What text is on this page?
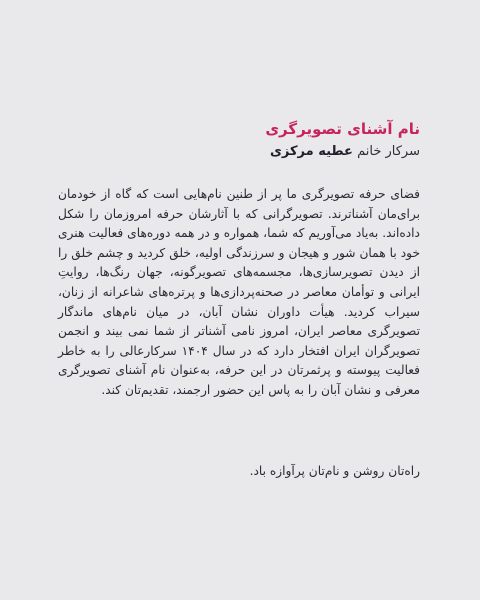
نام آشنای تصویرگری

سرکار خانم عطیه مرکزی

فضای حرفه تصویرگری ما پر از طنین نام‌هایی است که گاه از خودمان برای‌مان آشناترند. تصویرگرانی که با آثارشان حرفه امروزمان را شکل داده‌اند. به‌یاد می‌آوریم که شما، همواره و در همه دوره‌های فعالیت هنری خود با همان شور و هیجان و سرزندگی اولیه، خلق کردید و چشم خلق را از دیدن تصویرسازی‌ها، مجسمه‌های تصویرگونه، جهان رنگ‌ها، روایتِ ایرانی و توأمان معاصر در صحنه‌پردازی‌ها و پرتره‌های شاعرانه از زنان، سیراب کردید. هیأت داوران نشان آبان، در میان نام‌های ماندگار تصویرگری معاصر ایران، امروز نامی آشناتر از شما نمی بیند و انجمن تصویرگران ایران افتخار دارد که در سال ۱۴۰۴ سرکارعالی را به خاطر فعالیت پیوسته و پرثمرتان در این حرفه، به‌عنوان نام آشنای تصویرگری معرفی و نشان آبان را به پاس این حضور ارجمند، تقدیم‌تان کند.

راه‌تان روشن و نام‌تان پرآوازه باد.
